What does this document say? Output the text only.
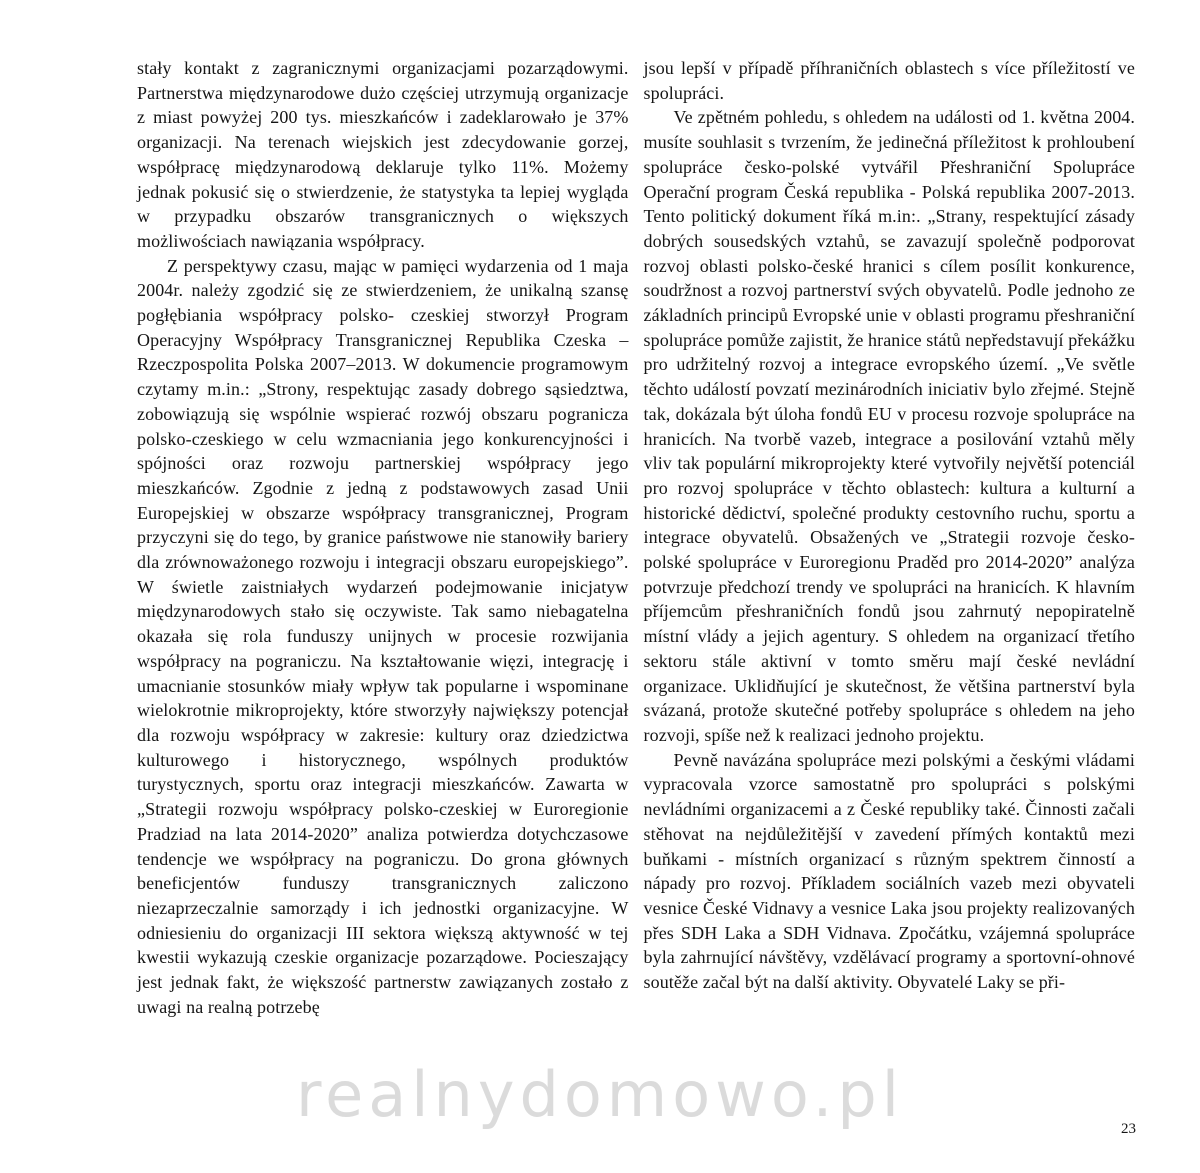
stały kontakt z zagranicznymi organizacjami pozarządowymi. Partnerstwa międzynarodowe dużo częściej utrzymują organizacje z miast powyżej 200 tys. mieszkańców i zadeklarowało je 37% organizacji. Na terenach wiejskich jest zdecydowanie gorzej, współpracę międzynarodową deklaruje tylko 11%. Możemy jednak pokusić się o stwierdzenie, że statystyka ta lepiej wygląda w przypadku obszarów transgranicznych o większych możliwościach nawiązania współpracy.

Z perspektywy czasu, mając w pamięci wydarzenia od 1 maja 2004r. należy zgodzić się ze stwierdzeniem, że unikalną szansę pogłębiania współpracy polsko- czeskiej stworzył Program Operacyjny Współpracy Transgranicznej Republika Czeska – Rzeczpospolita Polska 2007–2013. W dokumencie programowym czytamy m.in.: „Strony, respektując zasady dobrego sąsiedztwa, zobowiązują się wspólnie wspierać rozwój obszaru pogranicza polsko-czeskiego w celu wzmacniania jego konkurencyjności i spójności oraz rozwoju partnerskiej współpracy jego mieszkańców. Zgodnie z jedną z podstawowych zasad Unii Europejskiej w obszarze współpracy transgranicznej, Program przyczyni się do tego, by granice państwowe nie stanowiły bariery dla zrównoważonego rozwoju i integracji obszaru europejskiego”. W świetle zaistniałych wydarzeń podejmowanie inicjatyw międzynarodowych stało się oczywiste. Tak samo niebagatelna okazała się rola funduszy unijnych w procesie rozwijania współpracy na pograniczu. Na kształtowanie więzi, integrację i umacnianie stosunków miały wpływ tak popularne i wspominane wielokrotnie mikroprojekty, które stworzyły największy potencjał dla rozwoju współpracy w zakresie: kultury oraz dziedzictwa kulturowego i historycznego, wspólnych produktów turystycznych, sportu oraz integracji mieszkańców. Zawarta w „Strategii rozwoju współpracy polsko-czeskiej w Euroregionie Pradziad na lata 2014-2020” analiza potwierdza dotychczasowe tendencje we współpracy na pograniczu. Do grona głównych beneficjentów funduszy transgranicznych zaliczono niezaprzeczalnie samorządy i ich jednostki organizacyjne. W odniesieniu do organizacji III sektora większą aktywność w tej kwestii wykazują czeskie organizacje pozarządowe. Pocieszający jest jednak fakt, że większość partnerstw zawiązanych zostało z uwagi na realną potrzebę

jsou lepší v případě příhraničních oblastech s více příležitostí ve spolupráci.

Ve zpětném pohledu, s ohledem na události od 1. května 2004. musíte souhlasit s tvrzením, že jedinečná příležitost k prohloubení spolupráce česko-polské vytvářil Přeshraniční Spolupráce Operační program Česká republika - Polská republika 2007-2013. Tento politický dokument říká m.in:. „Strany, respektující zásady dobrých sousedských vztahů, se zavazují společně podporovat rozvoj oblasti polsko-české hranici s cílem posílit konkurence, soudržnost a rozvoj partnerství svých obyvatelů. Podle jednoho ze základních principů Evropské unie v oblasti programu přeshraniční spolupráce pomůže zajistit, že hranice států nepředstavují překážku pro udržitelný rozvoj a integrace evropského území. „Ve světle těchto událostí povzatí mezinárodních iniciativ bylo zřejmé. Stejně tak, dokázala být úloha fondů EU v procesu rozvoje spolupráce na hranicích. Na tvorbě vazeb, integrace a posilování vztahů měly vliv tak populární mikroprojekty které vytvořily největší potenciál pro rozvoj spolupráce v těchto oblastech: kultura a kulturní a historické dědictví, společné produkty cestovního ruchu, sportu a integrace obyvatelů. Obsažených ve „Strategii rozvoje česko-polské spolupráce v Euroregionu Praděd pro 2014-2020” analýza potvrzuje předchozí trendy ve spolupráci na hranicích. K hlavním příjemcům přeshraničních fondů jsou zahrnutý nepopiratelně místní vlády a jejich agentury. S ohledem na organizací třetího sektoru stále aktivní v tomto směru mají české nevládní organizace. Uklidňující je skutečnost, že většina partnerství byla svázaná, protože skutečné potřeby spolupráce s ohledem na jeho rozvoji, spíše než k realizaci jednoho projektu.

Pevně navázána spolupráce mezi polskými a českými vládami vypracovala vzorce samostatně pro spolupráci s polskými nevládními organizacemi a z České republiky také. Činnosti začali stěhovat na nejdůležitější v zavedení přímých kontaktů mezi buňkami - místních organizací s různým spektrem činností a nápady pro rozvoj. Příkladem sociálních vazeb mezi obyvateli vesnice České Vidnavy a vesnice Laka jsou projekty realizovaných přes SDH Laka a SDH Vidnava. Zpočátku, vzájemná spolupráce byla zahrnující návštěvy, vzdělávací programy a sportovní-ohnové soutěže začal být na další aktivity. Obyvatelé Laky se při-

realnydomowo.pl	23
